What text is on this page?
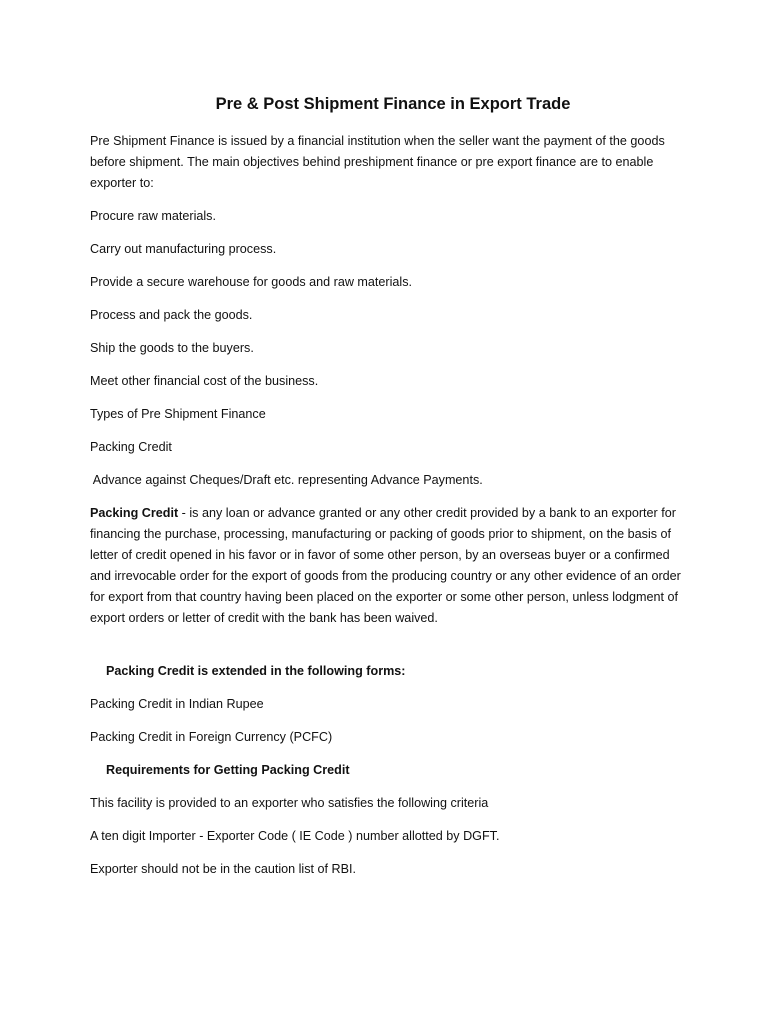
Pre & Post Shipment Finance in Export Trade

Pre Shipment Finance is issued by a financial institution when the seller want the payment of the goods before shipment. The main objectives behind preshipment finance or pre export finance are to enable exporter to:

Procure raw materials.

Carry out manufacturing process.

Provide a secure warehouse for goods and raw materials.

Process and pack the goods.

Ship the goods to the buyers.

Meet other financial cost of the business.

Types of Pre Shipment Finance

Packing Credit

Advance against Cheques/Draft etc. representing Advance Payments.

Packing Credit - is any loan or advance granted or any other credit provided by a bank to an exporter for financing the purchase, processing, manufacturing or packing of goods prior to shipment, on the basis of letter of credit opened in his favor or in favor of some other person, by an overseas buyer or a confirmed and irrevocable order for the export of goods from the producing country or any other evidence of an order for export from that country having been placed on the exporter or some other person, unless lodgment of export orders or letter of credit with the bank has been waived.

Packing Credit is extended in the following forms:

Packing Credit in Indian Rupee

Packing Credit in Foreign Currency (PCFC)

Requirements for Getting Packing Credit

This facility is provided to an exporter who satisfies the following criteria

A ten digit Importer - Exporter Code ( IE Code ) number allotted by DGFT.

Exporter should not be in the caution list of RBI.
